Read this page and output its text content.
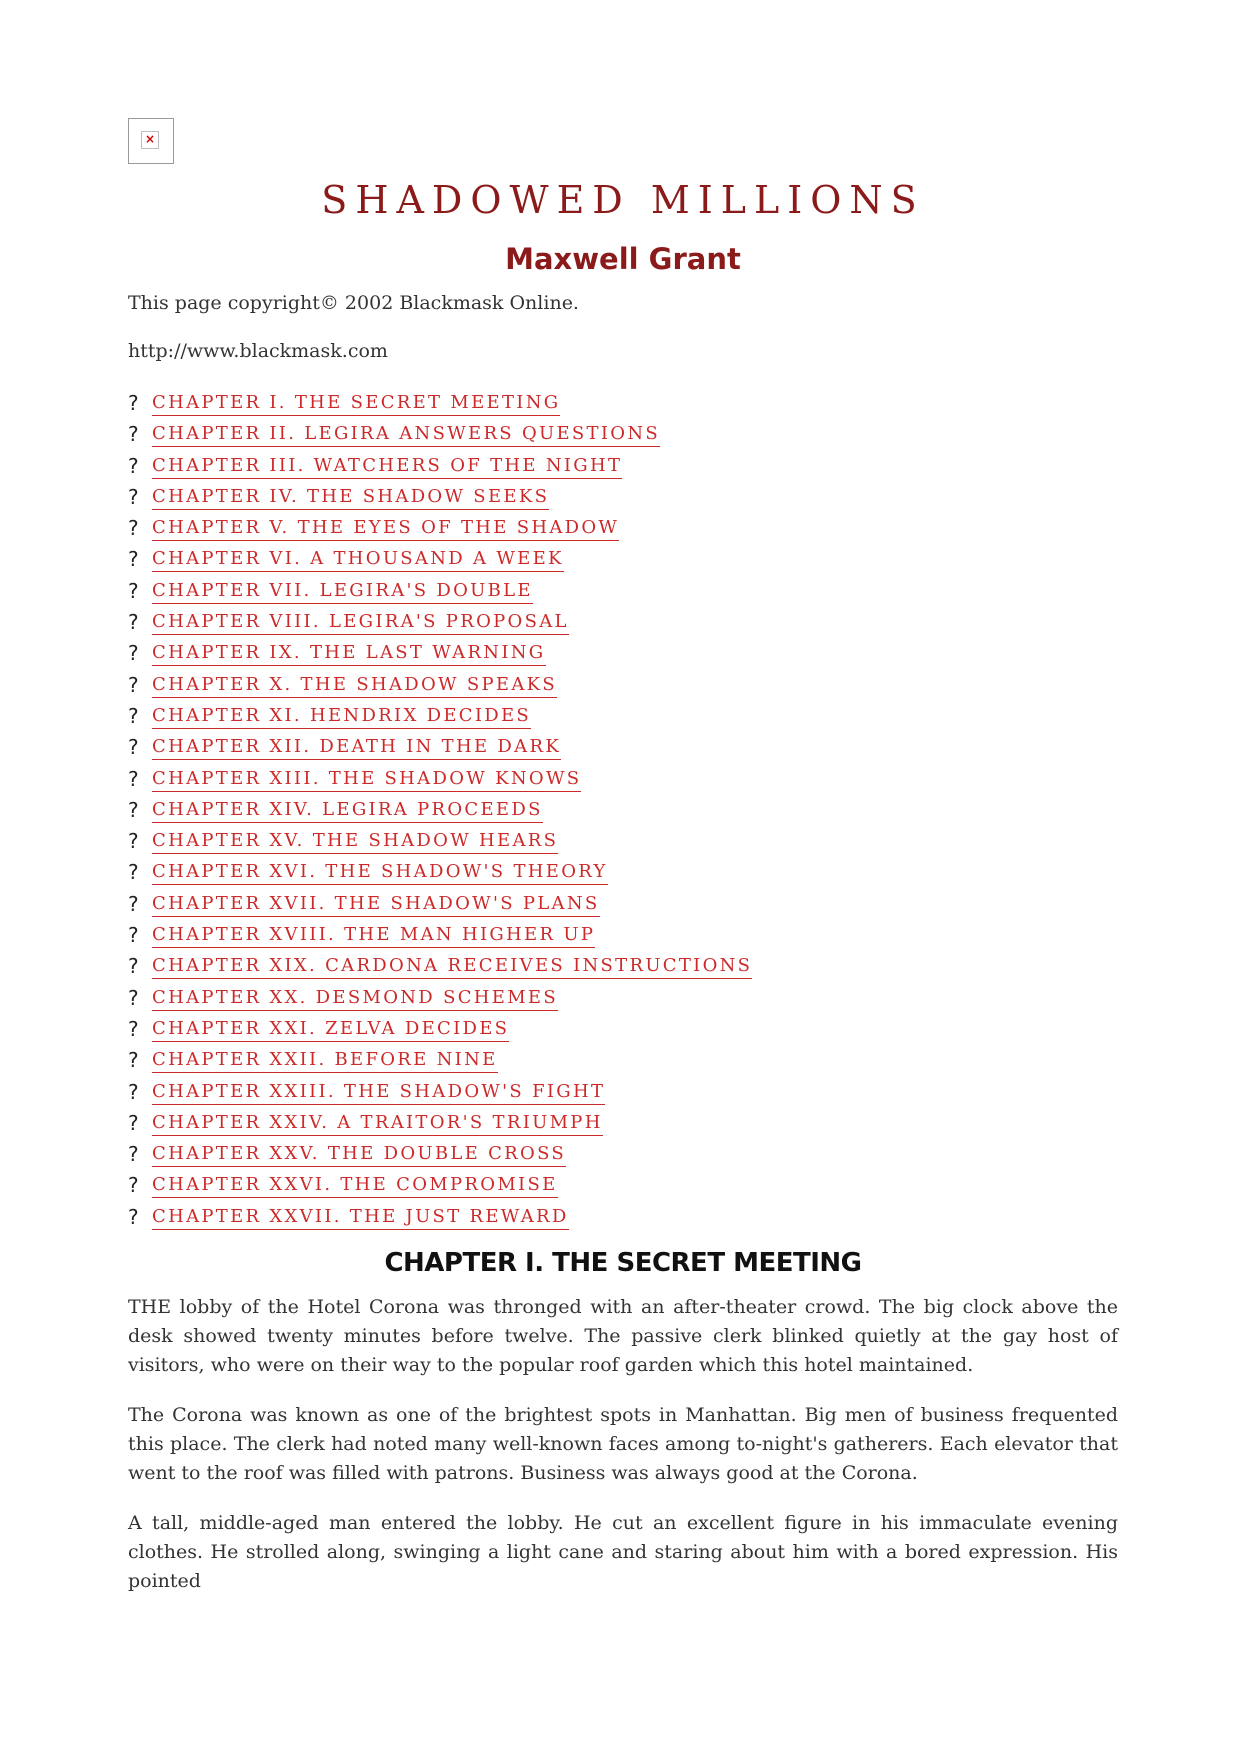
×
SHADOWED MILLIONS
Maxwell Grant

This page copyright© 2002 Blackmask Online.

http://www.blackmask.com

? CHAPTER I. THE SECRET MEETING
? CHAPTER II. LEGIRA ANSWERS QUESTIONS
? CHAPTER III. WATCHERS OF THE NIGHT
? CHAPTER IV. THE SHADOW SEEKS
? CHAPTER V. THE EYES OF THE SHADOW
? CHAPTER VI. A THOUSAND A WEEK
? CHAPTER VII. LEGIRA'S DOUBLE
? CHAPTER VIII. LEGIRA'S PROPOSAL
? CHAPTER IX. THE LAST WARNING
? CHAPTER X. THE SHADOW SPEAKS
? CHAPTER XI. HENDRIX DECIDES
? CHAPTER XII. DEATH IN THE DARK
? CHAPTER XIII. THE SHADOW KNOWS
? CHAPTER XIV. LEGIRA PROCEEDS
? CHAPTER XV. THE SHADOW HEARS
? CHAPTER XVI. THE SHADOW'S THEORY
? CHAPTER XVII. THE SHADOW'S PLANS
? CHAPTER XVIII. THE MAN HIGHER UP
? CHAPTER XIX. CARDONA RECEIVES INSTRUCTIONS
? CHAPTER XX. DESMOND SCHEMES
? CHAPTER XXI. ZELVA DECIDES
? CHAPTER XXII. BEFORE NINE
? CHAPTER XXIII. THE SHADOW'S FIGHT
? CHAPTER XXIV. A TRAITOR'S TRIUMPH
? CHAPTER XXV. THE DOUBLE CROSS
? CHAPTER XXVI. THE COMPROMISE
? CHAPTER XXVII. THE JUST REWARD
CHAPTER I. THE SECRET MEETING

THE lobby of the Hotel Corona was thronged with an after-theater crowd. The big clock above the desk showed twenty minutes before twelve. The passive clerk blinked quietly at the gay host of visitors, who were on their way to the popular roof garden which this hotel maintained.

The Corona was known as one of the brightest spots in Manhattan. Big men of business frequented this place. The clerk had noted many well-known faces among to-night's gatherers. Each elevator that went to the roof was filled with patrons. Business was always good at the Corona.

A tall, middle-aged man entered the lobby. He cut an excellent figure in his immaculate evening clothes. He strolled along, swinging a light cane and staring about him with a bored expression. His pointed
